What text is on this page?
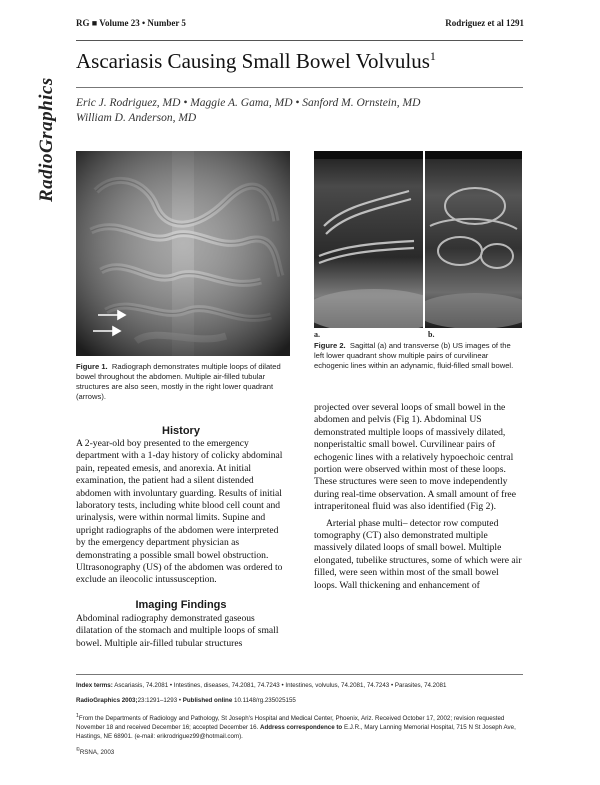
RG ■ Volume 23 • Number 5	Rodriguez et al 1291
RadioGraphics
Ascariasis Causing Small Bowel Volvulus$^1$
Eric J. Rodriguez, MD • Maggie A. Gama, MD • Sanford M. Ornstein, MD
William D. Anderson, MD
a.	b.
Figure 1. Radiograph demonstrates multiple loops of dilated bowel throughout the abdomen. Multiple air-filled tubular structures are also seen, mostly in the right lower quadrant (arrows).
Figure 2. Sagittal (a) and transverse (b) US images of the left lower quadrant show multiple pairs of curvilinear echogenic lines within an adynamic, fluid-filled small bowel.
History

A 2-year-old boy presented to the emergency department with a 1-day history of colicky abdominal pain, repeated emesis, and anorexia. At initial examination, the patient had a silent distended abdomen with involuntary guarding. Results of initial laboratory tests, including white blood cell count and urinalysis, were within normal limits. Supine and upright radiographs of the abdomen were interpreted by the emergency department physician as demonstrating a possible small bowel obstruction. Ultrasonography (US) of the abdomen was ordered to exclude an ileocolic intussusception.

Imaging Findings

Abdominal radiography demonstrated gaseous dilatation of the stomach and multiple loops of small bowel. Multiple air-filled tubular structures

projected over several loops of small bowel in the abdomen and pelvis (Fig 1). Abdominal US demonstrated multiple loops of massively dilated, nonperistaltic small bowel. Curvilinear pairs of echogenic lines with a relatively hypoechoic central portion were observed within most of these loops. These structures were seen to move independently during real-time observation. A small amount of free intraperitoneal fluid was also identified (Fig 2).

Arterial phase multi– detector row computed tomography (CT) also demonstrated multiple massively dilated loops of small bowel. Multiple elongated, tubelike structures, some of which were air filled, were seen within most of the small bowel loops. Wall thickening and enhancement of

Index terms: Ascariasis, 74.2081 • Intestines, diseases, 74.2081, 74.7243 • Intestines, volvulus, 74.2081, 74.7243 • Parasites, 74.2081
RadioGraphics 2003;23:1291–1293 • Published online 10.1148/rg.235025155
$^1$From the Departments of Radiology and Pathology, St Joseph's Hospital and Medical Center, Phoenix, Ariz. Received October 17, 2002; revision requested November 18 and received December 16; accepted December 16. Address correspondence to E.J.R., Mary Lanning Memorial Hospital, 715 N St Joseph Ave, Hastings, NE 68901. (e-mail: erikrodriguez99@hotmail.com).
©RSNA, 2003
